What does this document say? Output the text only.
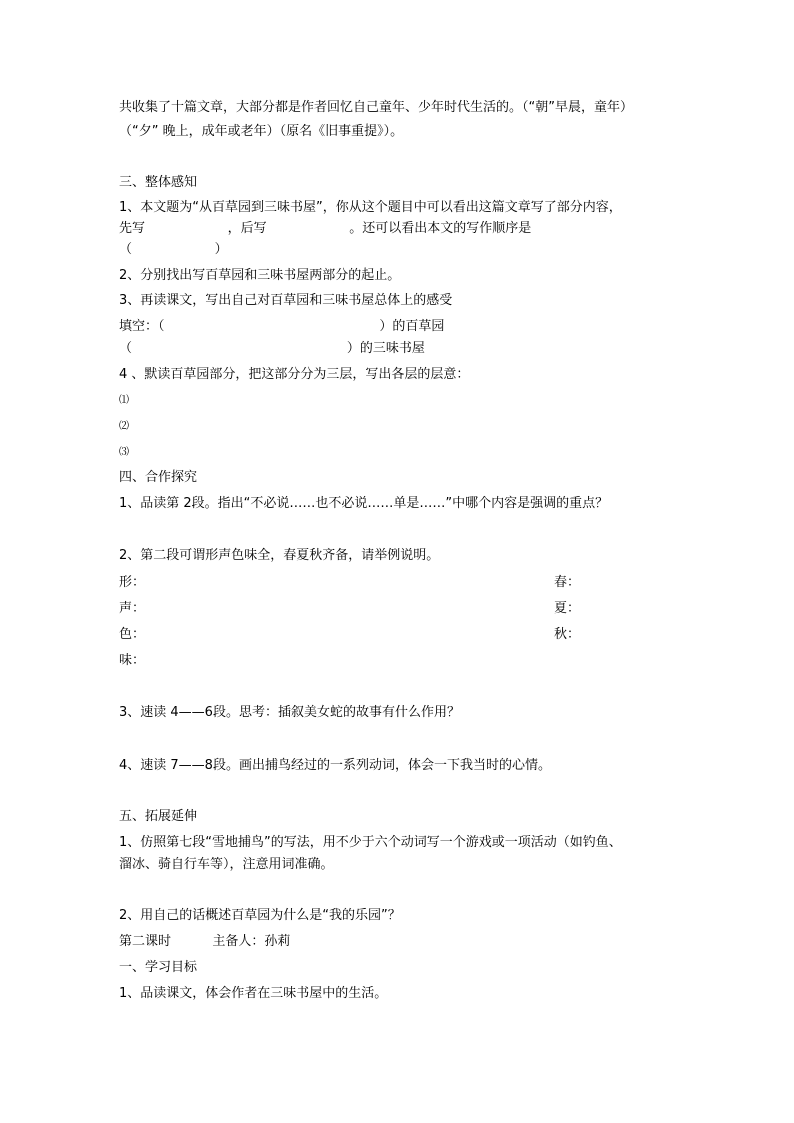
共收集了十篇文章，大部分都是作者回忆自己童年、少年时代生活的。（“朝”早晨，童年）
（“夕” 晚上，成年或老年）（原名《旧事重提》）。
三、整体感知
1、本文题为“从百草园到三味书屋”，你从这个题目中可以看出这篇文章写了部分内容，
先写                    ，后写                    。还可以看出本文的写作顺序是
（                    ）
2、分别找出写百草园和三味书屋两部分的起止。
3、再读课文，写出自己对百草园和三味书屋总体上的感受
填空：（                                                    ）的百草园
（                                                    ）的三味书屋
4 、默读百草园部分，把这部分分为三层，写出各层的层意：
⑴
⑵
⑶
四、合作探究
1、品读第 2段。指出“不必说……也不必说……单是……”中哪个内容是强调的重点？
2、第二段可谓形声色味全，春夏秋齐备，请举例说明。
形：
声：
色：
味：
春：
夏：
秋：
3、速读 4——6段。思考：插叙美女蛇的故事有什么作用？
4、速读 7——8段。画出捕鸟经过的一系列动词，体会一下我当时的心情。
五、拓展延伸
1、仿照第七段“雪地捕鸟”的写法，用不少于六个动词写一个游戏或一项活动（如钓鱼、
溜冰、骑自行车等），注意用词准确。
2、用自己的话概述百草园为什么是“我的乐园”？
第二课时          主备人：孙莉
一、学习目标
1、品读课文，体会作者在三味书屋中的生活。
